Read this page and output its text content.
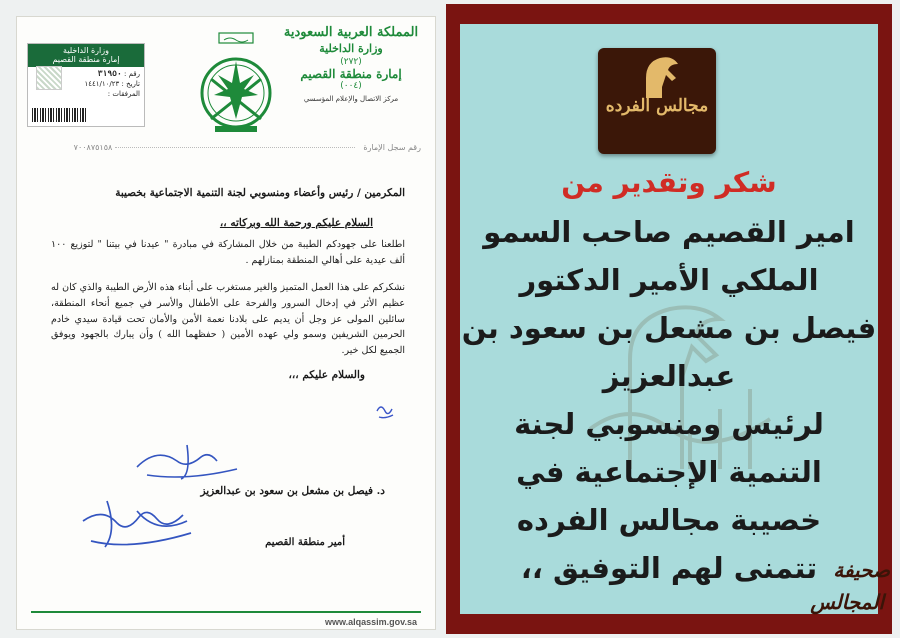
وزارة الداخلية
إمارة منطقة القصيم
رقم : ٣١٩٥٠
تاريخ : ١٤٤١/١٠/٢٣
المرفقات :
المملكة العربية السعودية
وزارة الداخلية
(٢٧٢)
إمارة منطقة القصيم
(٠٠٤)
مركز الاتصال والإعلام المؤسسي
رقم سجل الإمارة  ٧٠٠٨٧٥١٥٨
المكرمين / رئيس وأعضاء ومنسوبي لجنة التنمية الاجتماعية بخصيبة
السلام عليكم ورحمة الله وبركاته ،،

اطلعنا على جهودكم الطيبة من خلال المشاركة في مبادرة " عيدنا في بيتنا " لتوزيع ١٠٠ ألف عيدية على أهالي المنطقة بمنازلهم .

نشكركم على هذا العمل المتميز والغير مستغرب على أبناء هذه الأرض الطيبة والذي كان له عظيم الأثر في إدخال السرور والفرحة على الأطفال والأسر في جميع أنحاء المنطقة، سائلين المولى عز وجل أن يديم على بلادنا نعمة الأمن والأمان تحت قيادة سيدي خادم الحرمين الشريفين وسمو ولي عهده الأمين ( حفظهما الله ) وأن يبارك بالجهود ويوفق الجميع لكل خير.

والسلام عليكم ،،،
د. فيصل بن مشعل بن سعود بن عبدالعزيز
أمير منطقة القصيم
www.alqassim.gov.sa
مجالس الفرده
شكر وتقدير من
امير القصيم صاحب السمو
الملكي الأمير الدكتور
فيصل بن مشعل بن سعود بن
عبدالعزيز
لرئيس ومنسوبي لجنة
التنمية الإجتماعية في
خصيبة مجالس الفرده
تتمنى لهم التوفيق ،، صحيفة
المجالس
